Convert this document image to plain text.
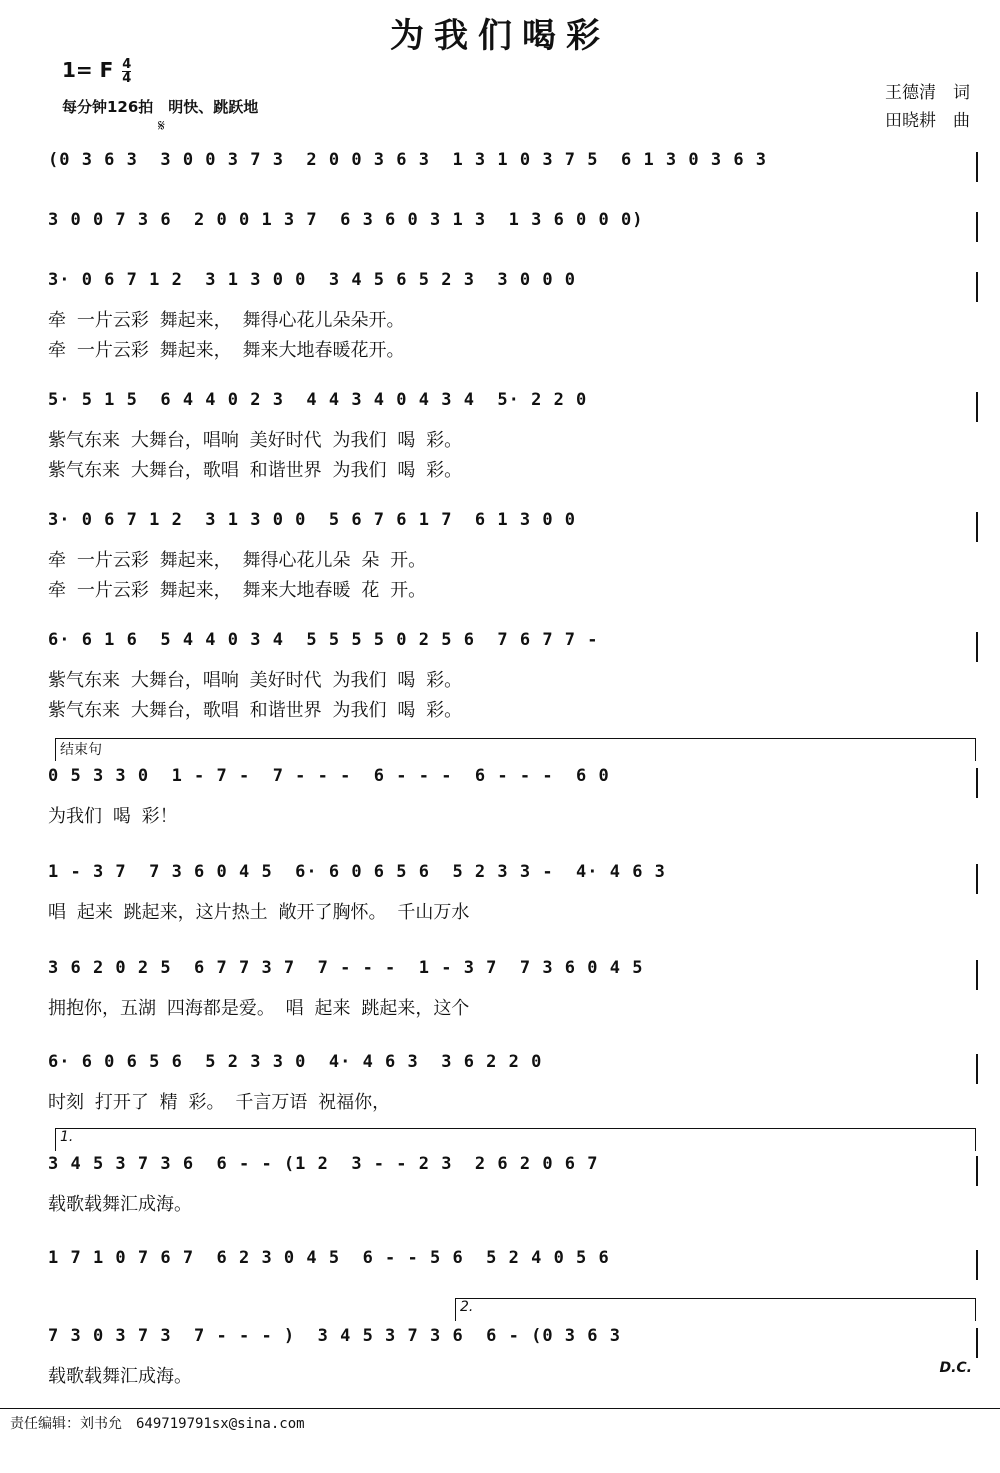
为我们喝彩
1= F $\frac{4}{4}$
每分钟126拍　明快、跳跃地
王德清　词
田晓耕　曲
𝄋
(0 3 6 3  3 0 0 3 7 3  2 0 0 3 6 3  1 3 1 0 3 7 5  6 1 3 0 3 6 3
3 0 0 7 3 6  2 0 0 1 3 7  6 3 6 0 3 1 3  1 3 6 0 0 0)
3· 0 6 7 1 2  3 1 3 0 0  3 4 5 6 5 2 3  3 0 0 0
牵 一片云彩 舞起来， 舞得心花儿朵朵开。
牵 一片云彩 舞起来， 舞来大地春暖花开。
5· 5 1 5  6 4 4 0 2 3  4 4 3 4 0 4 3 4  5· 2 2 0
紫气东来 大舞台，唱响 美好时代 为我们 喝 彩。
紫气东来 大舞台，歌唱 和谐世界 为我们 喝 彩。
3· 0 6 7 1 2  3 1 3 0 0  5 6 7 6 1 7  6 1 3 0 0
牵 一片云彩 舞起来， 舞得心花儿朵 朵 开。
牵 一片云彩 舞起来， 舞来大地春暖 花 开。
6· 6 1 6  5 4 4 0 3 4  5 5 5 5 0 2 5 6  7 6 7 7 -
紫气东来 大舞台，唱响 美好时代 为我们 喝 彩。
紫气东来 大舞台，歌唱 和谐世界 为我们 喝 彩。
0 5 3 3 0  1 - 7 -  7 - - -  6 - - -  6 - - -  6 0
为我们 喝 彩！
1 - 3 7  7 3 6 0 4 5  6· 6 0 6 5 6  5 2 3 3 -  4· 4 6 3
唱 起来 跳起来，这片热土 敞开了胸怀。 千山万水
3 6 2 0 2 5  6 7 7 3 7  7 - - -  1 - 3 7  7 3 6 0 4 5
拥抱你，五湖 四海都是爱。 唱 起来 跳起来，这个
6· 6 0 6 5 6  5 2 3 3 0  4· 4 6 3  3 6 2 2 0
时刻 打开了 精 彩。 千言万语 祝福你，
3 4 5 3 7 3 6  6 - - (1 2  3 - - 2 3  2 6 2 0 6 7
载歌载舞汇成海。
1 7 1 0 7 6 7  6 2 3 0 4 5  6 - - 5 6  5 2 4 0 5 6
7 3 0 3 7 3  7 - - - )  3 4 5 3 7 3 6  6 - (0 3 6 3
载歌载舞汇成海。
结束句
1.
2.
D.C.
责任编辑：刘书允　649719791sx@sina.com
